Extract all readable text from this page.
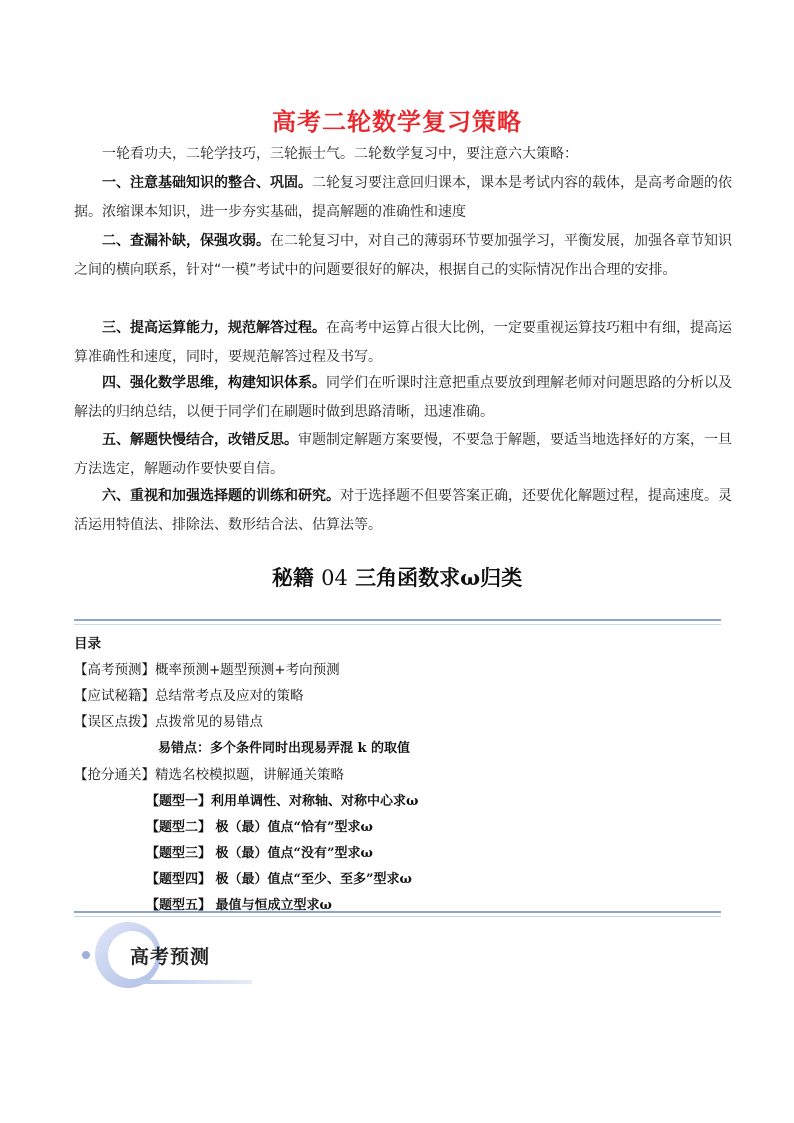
高考二轮数学复习策略
一轮看功夫，二轮学技巧，三轮振士气。二轮数学复习中，要注意六大策略：
一、注意基础知识的整合、巩固。二轮复习要注意回归课本，课本是考试内容的载体，是高考命题的依据。浓缩课本知识，进一步夯实基础，提高解题的准确性和速度
二、查漏补缺，保强攻弱。在二轮复习中，对自己的薄弱环节要加强学习，平衡发展，加强各章节知识之间的横向联系，针对“一模”考试中的问题要很好的解决，根据自己的实际情况作出合理的安排。
三、提高运算能力，规范解答过程。在高考中运算占很大比例，一定要重视运算技巧粗中有细，提高运算准确性和速度，同时，要规范解答过程及书写。
四、强化数学思维，构建知识体系。同学们在听课时注意把重点要放到理解老师对问题思路的分析以及解法的归纳总结，以便于同学们在刷题时做到思路清晰，迅速准确。
五、解题快慢结合，改错反思。审题制定解题方案要慢，不要急于解题，要适当地选择好的方案，一旦方法选定，解题动作要快要自信。
六、重视和加强选择题的训练和研究。对于选择题不但要答案正确，还要优化解题过程，提高速度。灵活运用特值法、排除法、数形结合法、估算法等。
秘籍 04 三角函数求ω归类
目录
【高考预测】概率预测+题型预测+考向预测
【应试秘籍】总结常考点及应对的策略
【误区点拨】点拨常见的易错点
易错点：多个条件同时出现易弄混 k 的取值
【抢分通关】精选名校模拟题，讲解通关策略
【题型一】利用单调性、对称轴、对称中心求ω
【题型二】 极（最）值点“恰有”型求ω
【题型三】 极（最）值点“没有”型求ω
【题型四】 极（最）值点“至少、至多”型求ω
【题型五】 最值与恒成立型求ω
高考预测
